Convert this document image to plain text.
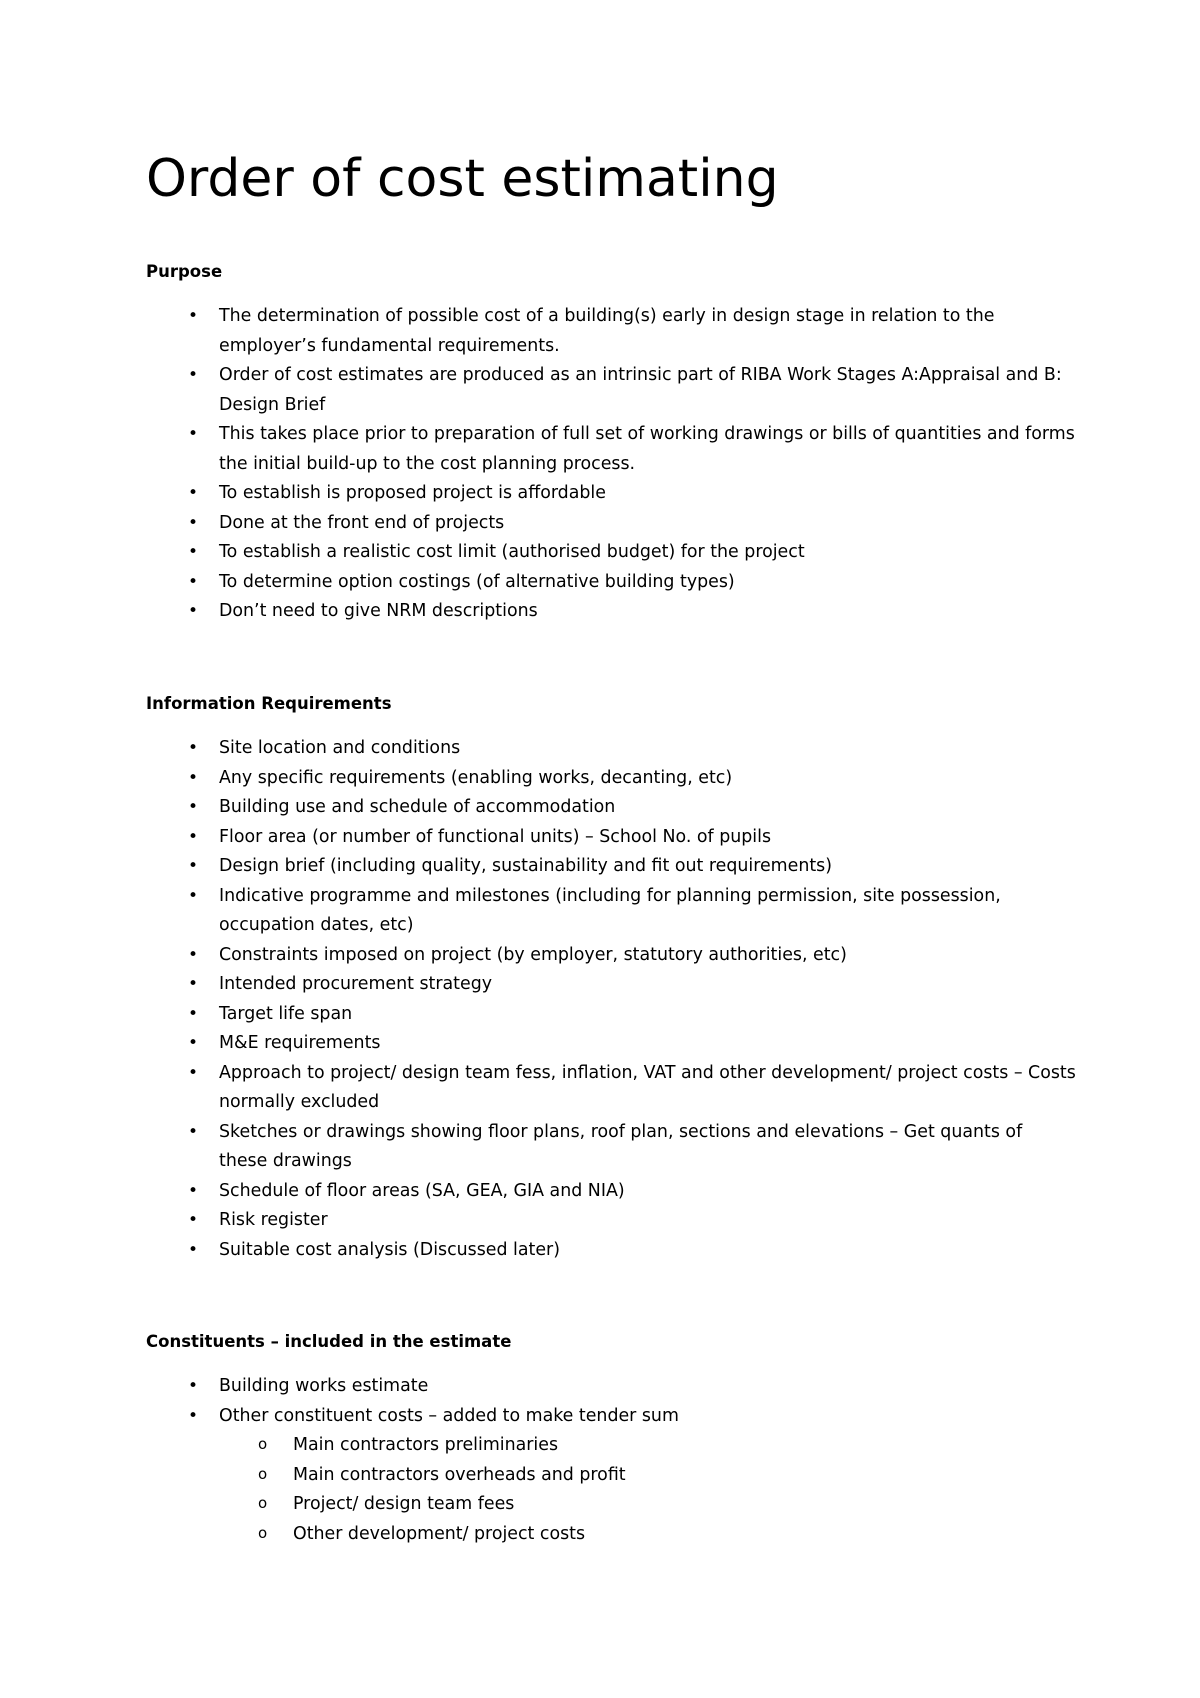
Order of cost estimating
Purpose
• The determination of possible cost of a building(s) early in design stage in relation to the employer’s fundamental requirements.
• Order of cost estimates are produced as an intrinsic part of RIBA Work Stages A:Appraisal and B: Design Brief
• This takes place prior to preparation of full set of working drawings or bills of quantities and forms the initial build-up to the cost planning process.
• To establish is proposed project is affordable
• Done at the front end of projects
• To establish a realistic cost limit (authorised budget) for the project
• To determine option costings (of alternative building types)
• Don’t need to give NRM descriptions
Information Requirements
• Site location and conditions
• Any specific requirements (enabling works, decanting, etc)
• Building use and schedule of accommodation
• Floor area (or number of functional units) – School No. of pupils
• Design brief (including quality, sustainability and fit out requirements)
• Indicative programme and milestones (including for planning permission, site possession, occupation dates, etc)
• Constraints imposed on project (by employer, statutory authorities, etc)
• Intended procurement strategy
• Target life span
• M&E requirements
• Approach to project/ design team fess, inflation, VAT and other development/ project costs – Costs normally excluded
• Sketches or drawings showing floor plans, roof plan, sections and elevations – Get quants of these drawings
• Schedule of floor areas (SA, GEA, GIA and NIA)
• Risk register
• Suitable cost analysis (Discussed later)
Constituents – included in the estimate
• Building works estimate
• Other constituent costs – added to make tender sum
o Main contractors preliminaries
o Main contractors overheads and profit
o Project/ design team fees
o Other development/ project costs
